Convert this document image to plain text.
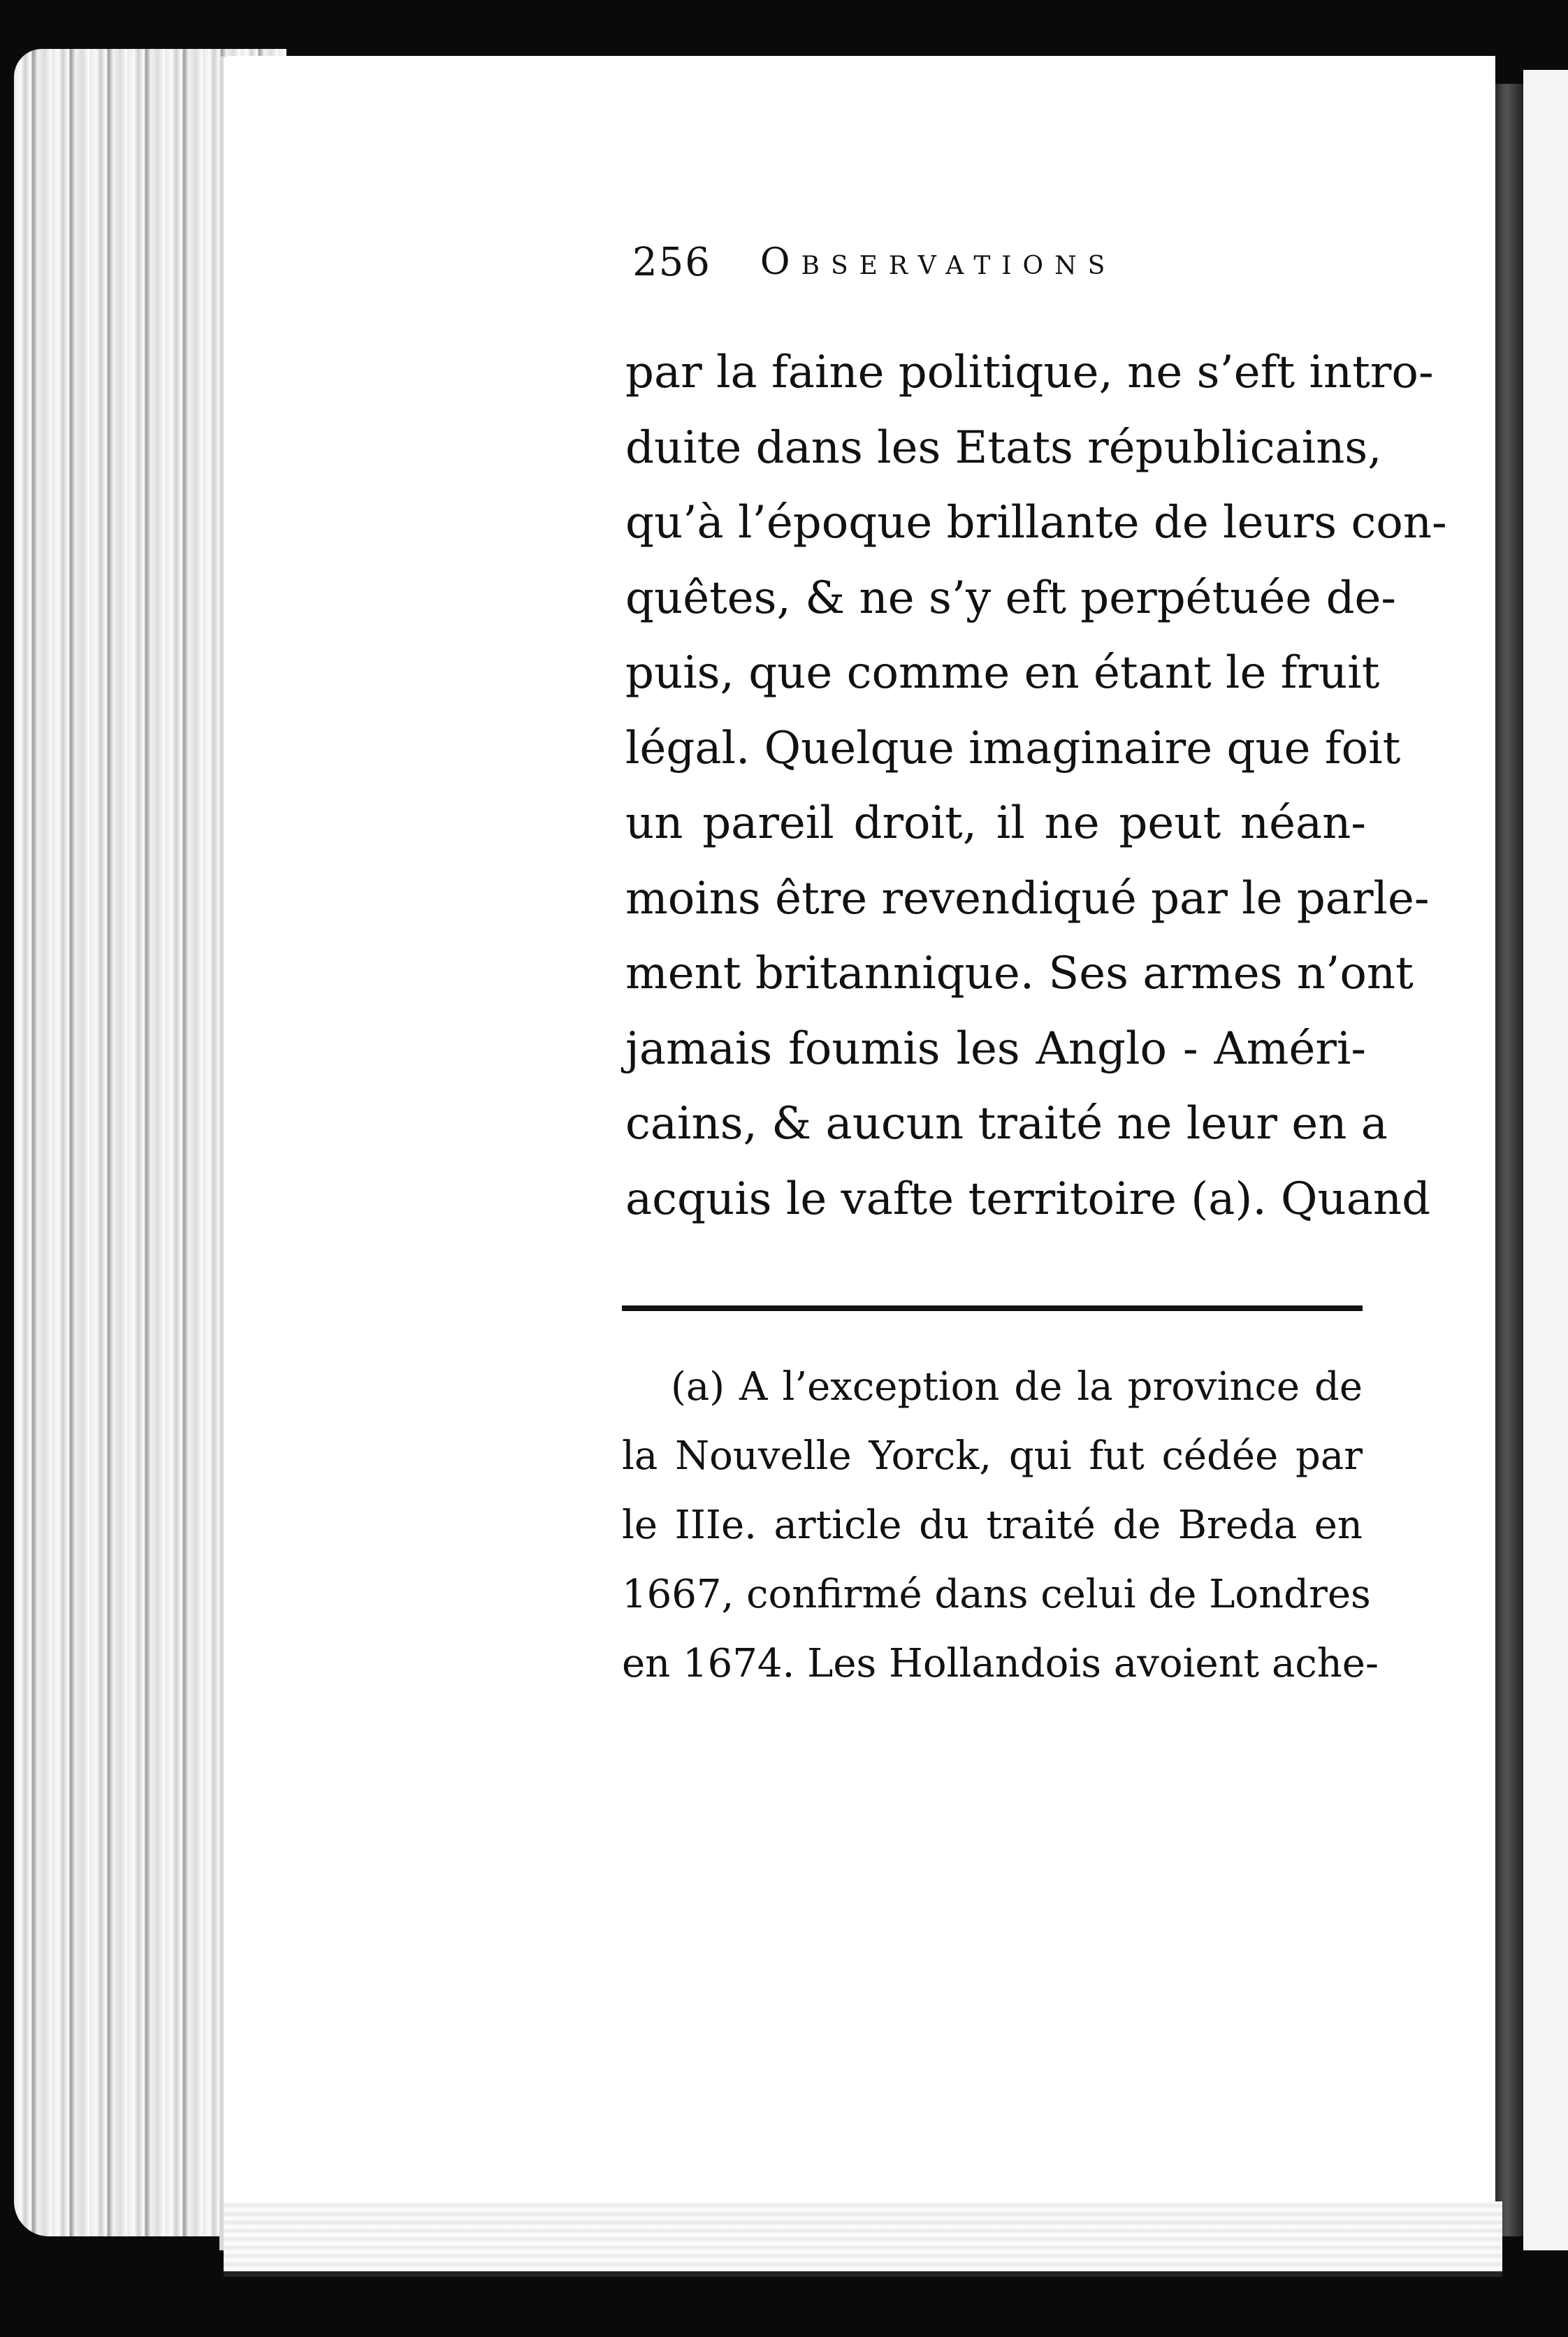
256 Observations
par la faine politique, ne s’eft intro-
duite dans les Etats républicains,
qu’à l’époque brillante de leurs con-
quêtes, & ne s’y eft perpétuée de-
puis, que comme en étant le fruit
légal. Quelque imaginaire que foit
un pareil droit, il ne peut néan-
moins être revendiqué par le parle-
ment britannique. Ses armes n’ont
jamais foumis les Anglo - Améri-
cains, & aucun traité ne leur en a
acquis le vafte territoire (a). Quand
(a) A l’exception de la province de
la Nouvelle Yorck, qui fut cédée par
le IIIe. article du traité de Breda en
1667, confirmé dans celui de Londres
en 1674. Les Hollandois avoient ache-
